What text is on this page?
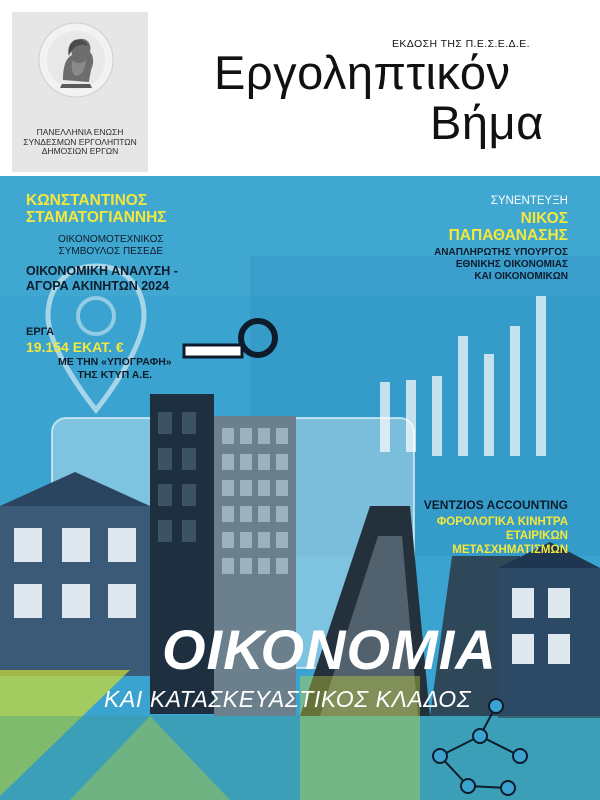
ΠΑΝΕΛΛΗΝΙΑ ΕΝΩΣΗ
ΣΥΝΔΕΣΜΩΝ ΕΡΓΟΛΗΠΤΩΝ
ΔΗΜΟΣΙΩΝ ΕΡΓΩΝ
ΕΚΔΟΣΗ ΤΗΣ Π.Ε.Σ.Ε.Δ.Ε.
Εργοληπτικόν
Βήμα
ΚΩΝΣΤΑΝΤΙΝΟΣ
ΣΤΑΜΑΤΟΓΙΑΝΝΗΣ
ΟΙΚΟΝΟΜΟΤΕΧΝΙΚΟΣ
ΣΥΜΒΟΥΛΟΣ ΠΕΣΕΔΕ
ΟΙΚΟΝΟΜΙΚΗ ΑΝΑΛΥΣΗ -
ΑΓΟΡΑ ΑΚΙΝΗΤΩΝ 2024
ΕΡΓΑ
19.154 ΕΚΑΤ. €
ΜΕ ΤΗΝ «ΥΠΟΓΡΑΦΗ»
ΤΗΣ ΚΤΥΠ Α.Ε.
ΣΥΝΕΝΤΕΥΞΗ
ΝΙΚΟΣ
ΠΑΠΑΘΑΝΑΣΗΣ
ΑΝΑΠΛΗΡΩΤΗΣ ΥΠΟΥΡΓΟΣ
ΕΘΝΙΚΗΣ ΟΙΚΟΝΟΜΙΑΣ
ΚΑΙ ΟΙΚΟΝΟΜΙΚΩΝ
VENTZIOS ACCOUNTING
ΦΟΡΟΛΟΓΙΚΑ ΚΙΝΗΤΡΑ
ΕΤΑΙΡΙΚΩΝ
ΜΕΤΑΣΧΗΜΑΤΙΣΜΩΝ
ΟΙΚΟΝΟΜΙΑ
ΚΑΙ ΚΑΤΑΣΚΕΥΑΣΤΙΚΟΣ ΚΛΑΔΟΣ
